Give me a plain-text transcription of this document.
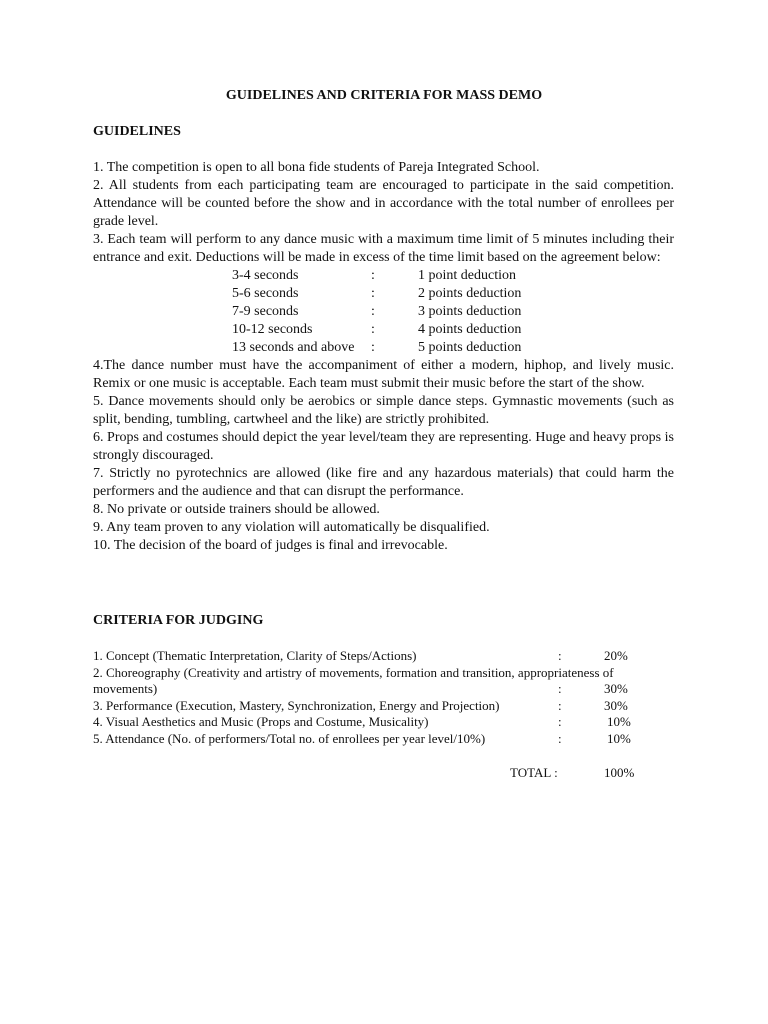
GUIDELINES AND CRITERIA FOR MASS DEMO
GUIDELINES
1. The competition is open to all bona fide students of Pareja Integrated School.
2. All students from each participating team are encouraged to participate in the said competition. Attendance will be counted before the show and in accordance with the total number of enrollees per grade level.
3. Each team will perform to any dance music with a maximum time limit of 5 minutes including their entrance and exit. Deductions will be made in excess of the time limit based on the agreement below:
3-4 seconds	:	1 point deduction
5-6 seconds	:	2 points deduction
7-9 seconds	:	3 points deduction
10-12 seconds	:	4 points deduction
13 seconds and above :	5 points deduction
4.The dance number must have the accompaniment of either a modern, hiphop, and lively music. Remix or one music is acceptable. Each team must submit their music before the start of the show.
5. Dance movements should only be aerobics or simple dance steps. Gymnastic movements (such as split, bending, tumbling, cartwheel and the like) are strictly prohibited.
6. Props and costumes should depict the year level/team they are representing. Huge and heavy props is strongly discouraged.
7. Strictly no pyrotechnics are allowed (like fire and any hazardous materials) that could harm the performers and the audience and that can disrupt the performance.
8. No private or outside trainers should be allowed.
9. Any team proven to any violation will automatically be disqualified.
10. The decision of the board of judges is final and irrevocable.
CRITERIA FOR JUDGING
1. Concept (Thematic Interpretation, Clarity of Steps/Actions)	:	20%
2. Choreography (Creativity and artistry of movements, formation and transition, appropriateness of
movements)	:	30%
3. Performance (Execution, Mastery, Synchronization, Energy and Projection)	:	30%
4. Visual Aesthetics and Music (Props and Costume, Musicality)	:	10%
5. Attendance (No. of performers/Total no. of enrollees per year level/10%)	:	10%
TOTAL :	100%
